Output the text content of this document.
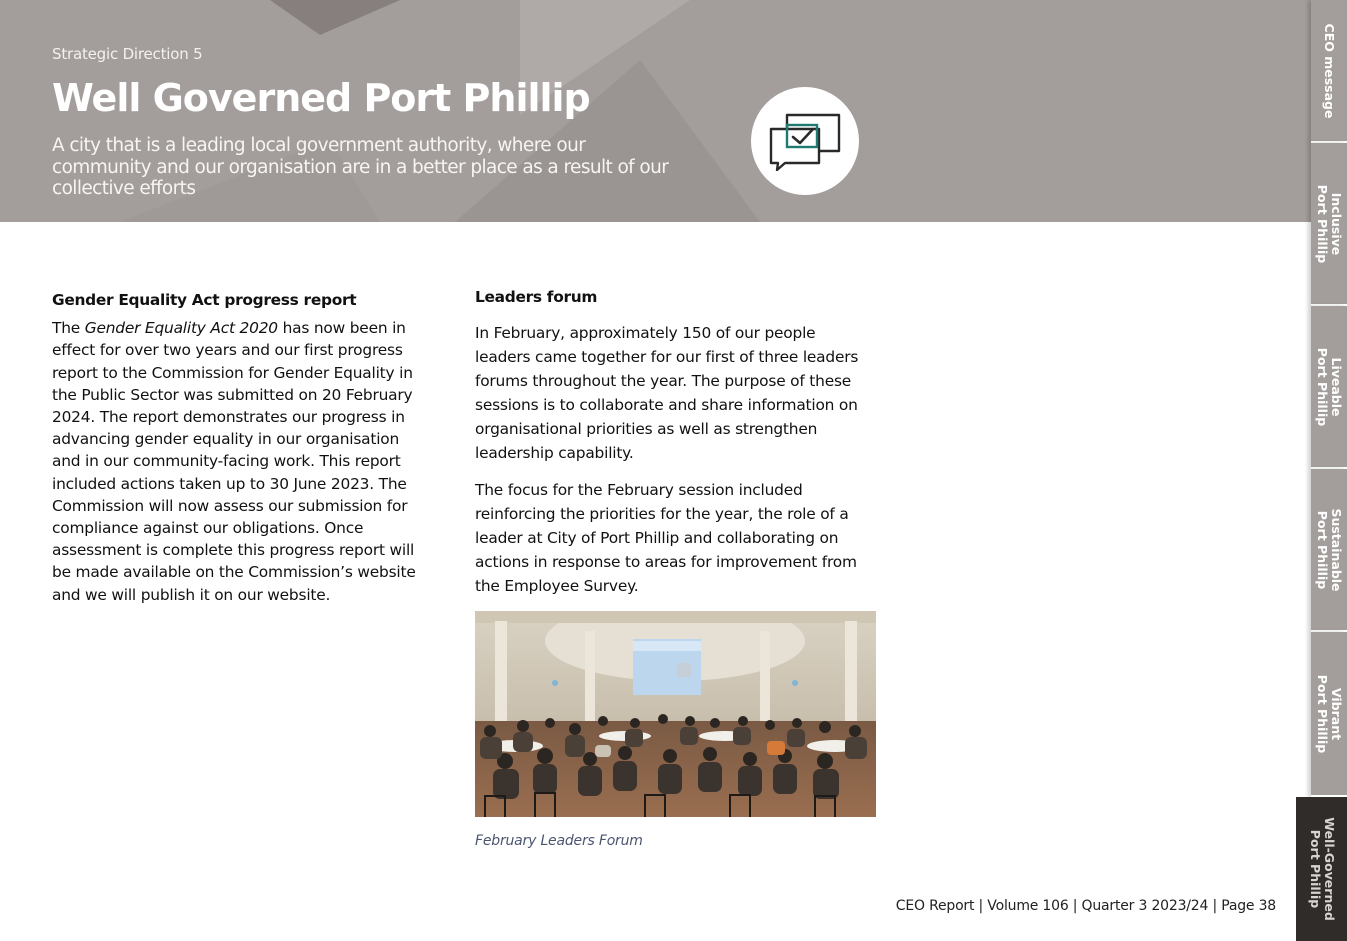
Strategic Direction 5
Well Governed Port Phillip
A city that is a leading local government authority, where our community and our organisation are in a better place as a result of our collective efforts
Gender Equality Act progress report

The Gender Equality Act 2020 has now been in effect for over two years and our first progress report to the Commission for Gender Equality in the Public Sector was submitted on 20 February 2024. The report demonstrates our progress in advancing gender equality in our organisation and in our community-facing work. This report included actions taken up to 30 June 2023. The Commission will now assess our submission for compliance against our obligations. Once assessment is complete this progress report will be made available on the Commission’s website and we will publish it on our website.

Leaders forum

In February, approximately 150 of our people leaders came together for our first of three leaders forums throughout the year. The purpose of these sessions is to collaborate and share information on organisational priorities as well as strengthen leadership capability.

The focus for the February session included reinforcing the priorities for the year, the role of a leader at City of Port Phillip and collaborating on actions in response to areas for improvement from the Employee Survey.

February Leaders Forum
CEO Report | Volume 106 | Quarter 3 2023/24 | Page 38
CEO message
Inclusive
Port Phillip
Liveable
Port Phillip
Sustainable
Port Phillip
Vibrant
Port Phillip
Well-Governed
Port Phillip
